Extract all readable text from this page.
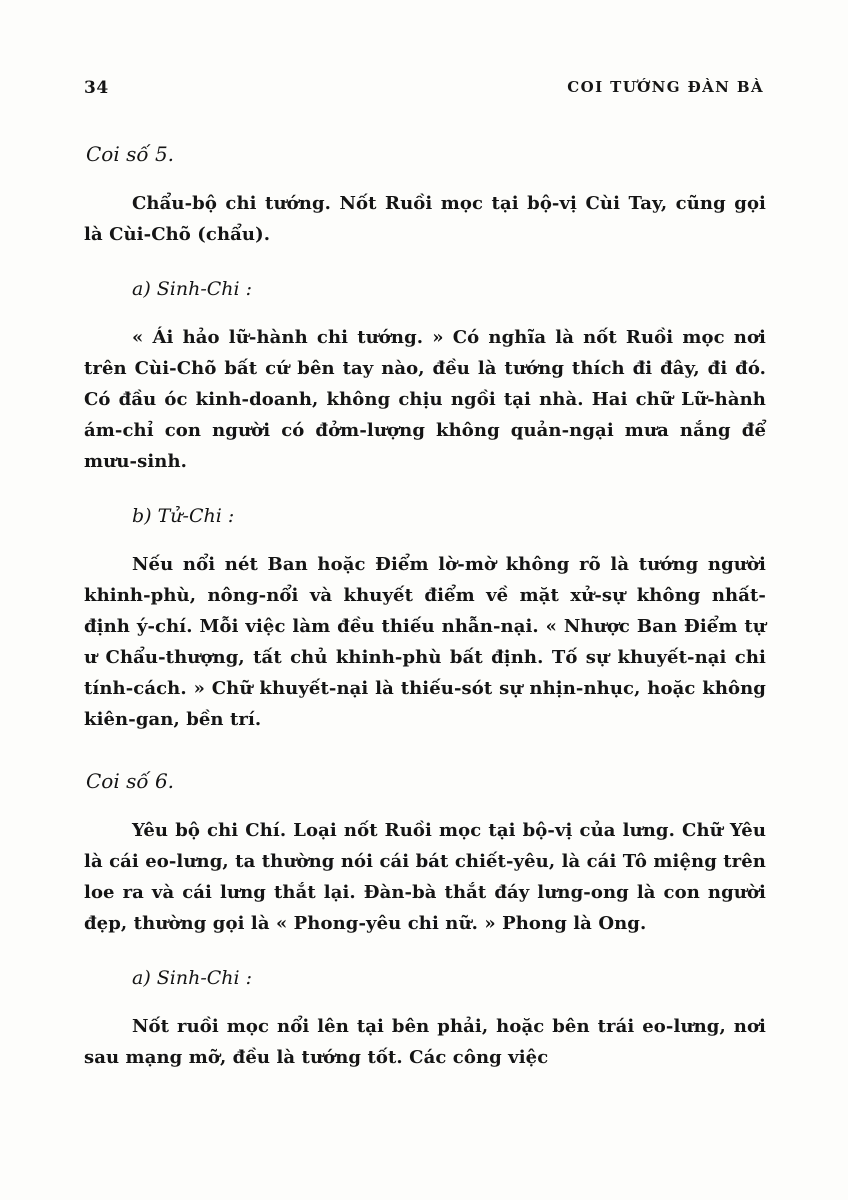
34	COI TƯỚNG ĐÀN BÀ

Coi số 5.

Chẩu-bộ chi tướng. Nốt Ruồi mọc tại bộ-vị Cùi Tay, cũng gọi là Cùi-Chõ (chẩu).

a) Sinh-Chi :

« Ái hảo lữ-hành chi tướng. » Có nghĩa là nốt Ruồi mọc nơi trên Cùi-Chõ bất cứ bên tay nào, đều là tướng thích đi đây, đi đó. Có đầu óc kinh-doanh, không chịu ngồi tại nhà. Hai chữ Lữ-hành ám-chỉ con người có đởm-lượng không quản-ngại mưa nắng để mưu-sinh.

b) Tử-Chi :

Nếu nổi nét Ban hoặc Điểm lờ-mờ không rõ là tướng người khinh-phù, nông-nổi và khuyết điểm về mặt xử-sự không nhất-định ý-chí. Mỗi việc làm đều thiếu nhẫn-nại. « Nhược Ban Điểm tự ư Chẩu-thượng, tất chủ khinh-phù bất định. Tố sự khuyết-nại chi tính-cách. » Chữ khuyết-nại là thiếu-sót sự nhịn-nhục, hoặc không kiên-gan, bền trí.

Coi số 6.

Yêu bộ chi Chí. Loại nốt Ruồi mọc tại bộ-vị của lưng. Chữ Yêu là cái eo-lưng, ta thường nói cái bát chiết-yêu, là cái Tô miệng trên loe ra và cái lưng thắt lại. Đàn-bà thắt đáy lưng-ong là con người đẹp, thường gọi là « Phong-yêu chi nữ. » Phong là Ong.

a) Sinh-Chi :

Nốt ruồi mọc nổi lên tại bên phải, hoặc bên trái eo-lưng, nơi sau mạng mỡ, đều là tướng tốt. Các công việc
